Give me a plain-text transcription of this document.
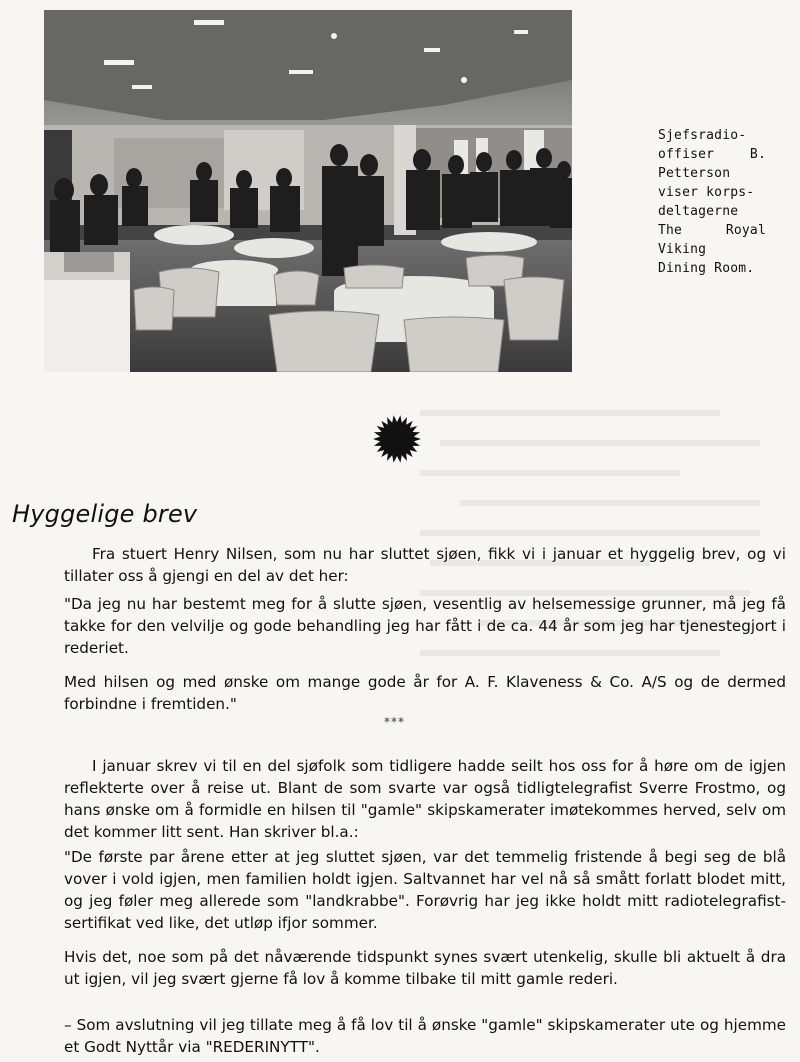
Sjefsradio-
offiser B.
Petterson
viser korps-
deltagerne
The Royal
Viking
Dining Room.
Hyggelige brev

Fra stuert Henry Nilsen, som nu har sluttet sjøen, fikk vi i januar et hyggelig brev, og vi tillater oss å gjengi en del av det her:

"Da jeg nu har bestemt meg for å slutte sjøen, vesentlig av helsemessige grunner, må jeg få takke for den velvilje og gode behandling jeg har fått i de ca. 44 år som jeg har tjenestegjort i rederiet.

Med hilsen og med ønske om mange gode år for A. F. Klaveness & Co. A/S og de dermed forbindne i fremtiden."

***

I januar skrev vi til en del sjøfolk som tidligere hadde seilt hos oss for å høre om de igjen reflekterte over å reise ut. Blant de som svarte var også tidligtelegrafist Sverre Frostmo, og hans ønske om å formidle en hilsen til "gamle" skipskamerater imøtekommes herved, selv om det kommer litt sent. Han skriver bl.a.:

"De første par årene etter at jeg sluttet sjøen, var det temmelig fristende å begi seg de blå vover i vold igjen, men familien holdt igjen. Saltvannet har vel nå så smått forlatt blodet mitt, og jeg føler meg allerede som "landkrabbe". Forøvrig har jeg ikke holdt mitt radiotelegrafist-sertifikat ved like, det utløp ifjor sommer.

Hvis det, noe som på det nåværende tidspunkt synes svært utenkelig, skulle bli aktuelt å dra ut igjen, vil jeg svært gjerne få lov å komme tilbake til mitt gamle rederi.

– Som avslutning vil jeg tillate meg å få lov til å ønske "gamle" skipskamerater ute og hjemme et Godt Nyttår via "REDERINYTT".
